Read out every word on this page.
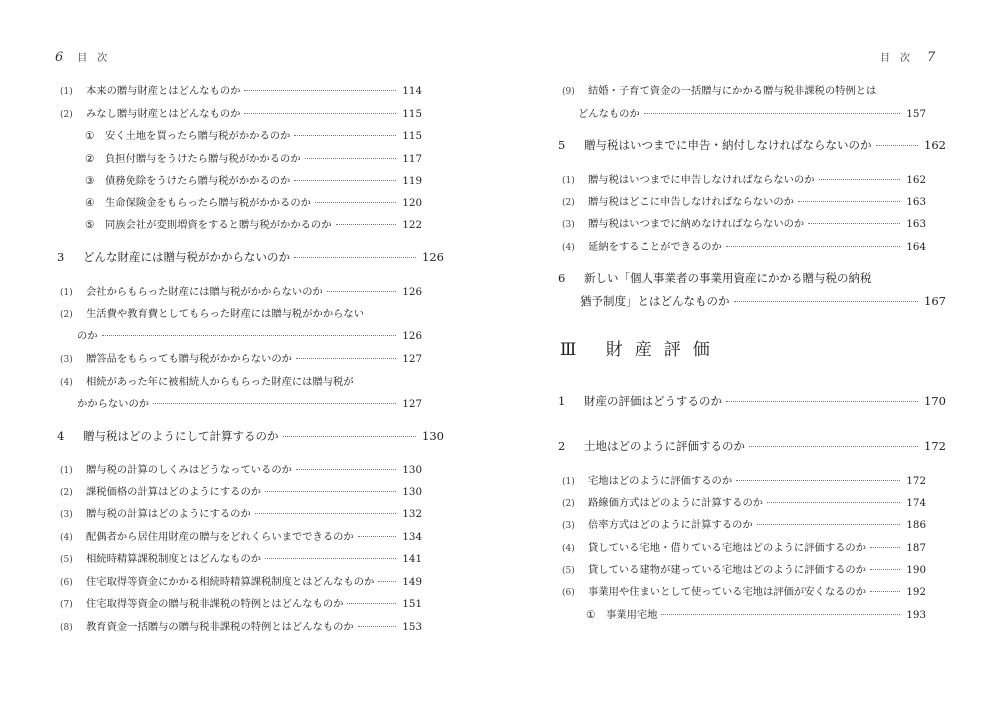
6 目次
(1)	本来の贈与財産とはどんなものか	114
(2)	みなし贈与財産とはどんなものか	115
①	安く土地を買ったら贈与税がかかるのか	115
②	負担付贈与をうけたら贈与税がかかるのか	117
③	債務免除をうけたら贈与税がかかるのか	119
④	生命保険金をもらったら贈与税がかかるのか	120
⑤	同族会社が変則増資をすると贈与税がかかるのか	122
3	どんな財産には贈与税がかからないのか	126
(1)	会社からもらった財産には贈与税がかからないのか	126
(2)	生活費や教育費としてもらった財産には贈与税がかからない
のか	126
(3)	贈答品をもらっても贈与税がかからないのか	127
(4)	相続があった年に被相続人からもらった財産には贈与税が
かからないのか	127
4	贈与税はどのようにして計算するのか	130
(1)	贈与税の計算のしくみはどうなっているのか	130
(2)	課税価格の計算はどのようにするのか	130
(3)	贈与税の計算はどのようにするのか	132
(4)	配偶者から居住用財産の贈与をどれくらいまでできるのか	134
(5)	相続時精算課税制度とはどんなものか	141
(6)	住宅取得等資金にかかる相続時精算課税制度とはどんなものか	149
(7)	住宅取得等資金の贈与税非課税の特例とはどんなものか	151
(8)	教育資金一括贈与の贈与税非課税の特例とはどんなものか	153
目次 7
Ⅲ 財産評価
(9)	結婚・子育て資金の一括贈与にかかる贈与税非課税の特例とは
どんなものか	157
5	贈与税はいつまでに申告・納付しなければならないのか	162
(1)	贈与税はいつまでに申告しなければならないのか	162
(2)	贈与税はどこに申告しなければならないのか	163
(3)	贈与税はいつまでに納めなければならないのか	163
(4)	延納をすることができるのか	164
6	新しい「個人事業者の事業用資産にかかる贈与税の納税
猶予制度」とはどんなものか	167
1	財産の評価はどうするのか	170
2	土地はどのように評価するのか	172
(1)	宅地はどのように評価するのか	172
(2)	路線価方式はどのように計算するのか	174
(3)	倍率方式はどのように計算するのか	186
(4)	貸している宅地・借りている宅地はどのように評価するのか	187
(5)	貸している建物が建っている宅地はどのように評価するのか	190
(6)	事業用や住まいとして使っている宅地は評価が安くなるのか	192
①	事業用宅地	193
